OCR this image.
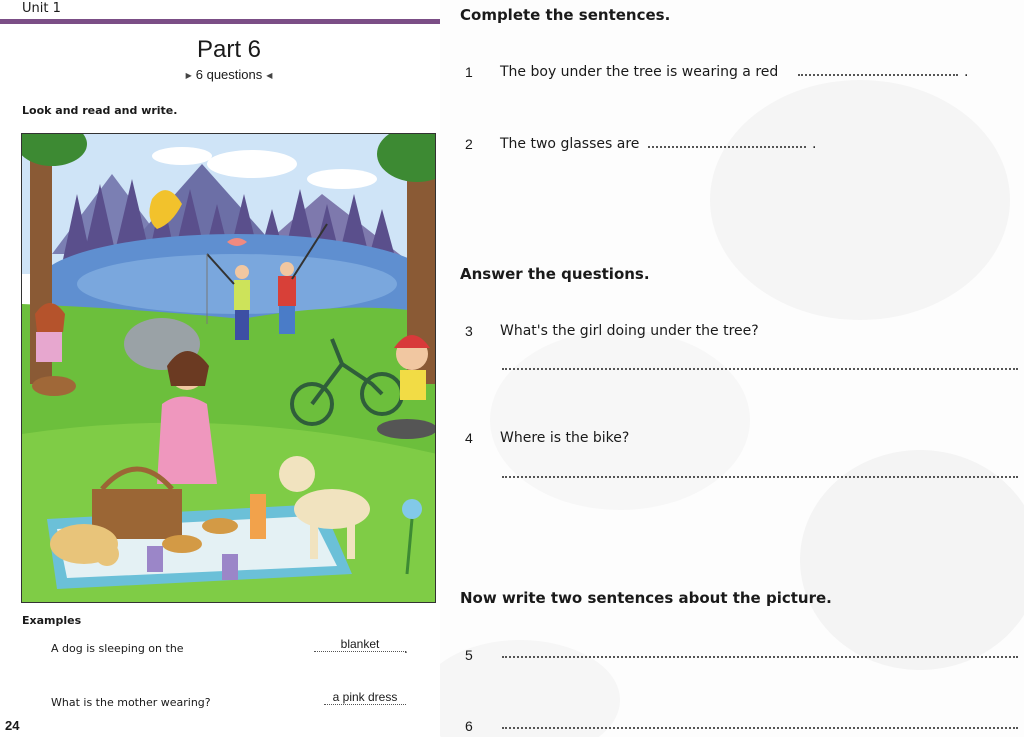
Unit 1
Part 6
▶ 6 questions ◀
Look and read and write.
Examples
A dog is sleeping on the	blanket	.
What is the mother wearing?	a pink dress
24
Complete the sentences.
1 The boy under the tree is wearing a red	.
2 The two glasses are	.
Answer the questions.
3 What's the girl doing under the tree?
4 Where is the bike?
Now write two sentences about the picture.
5
6
